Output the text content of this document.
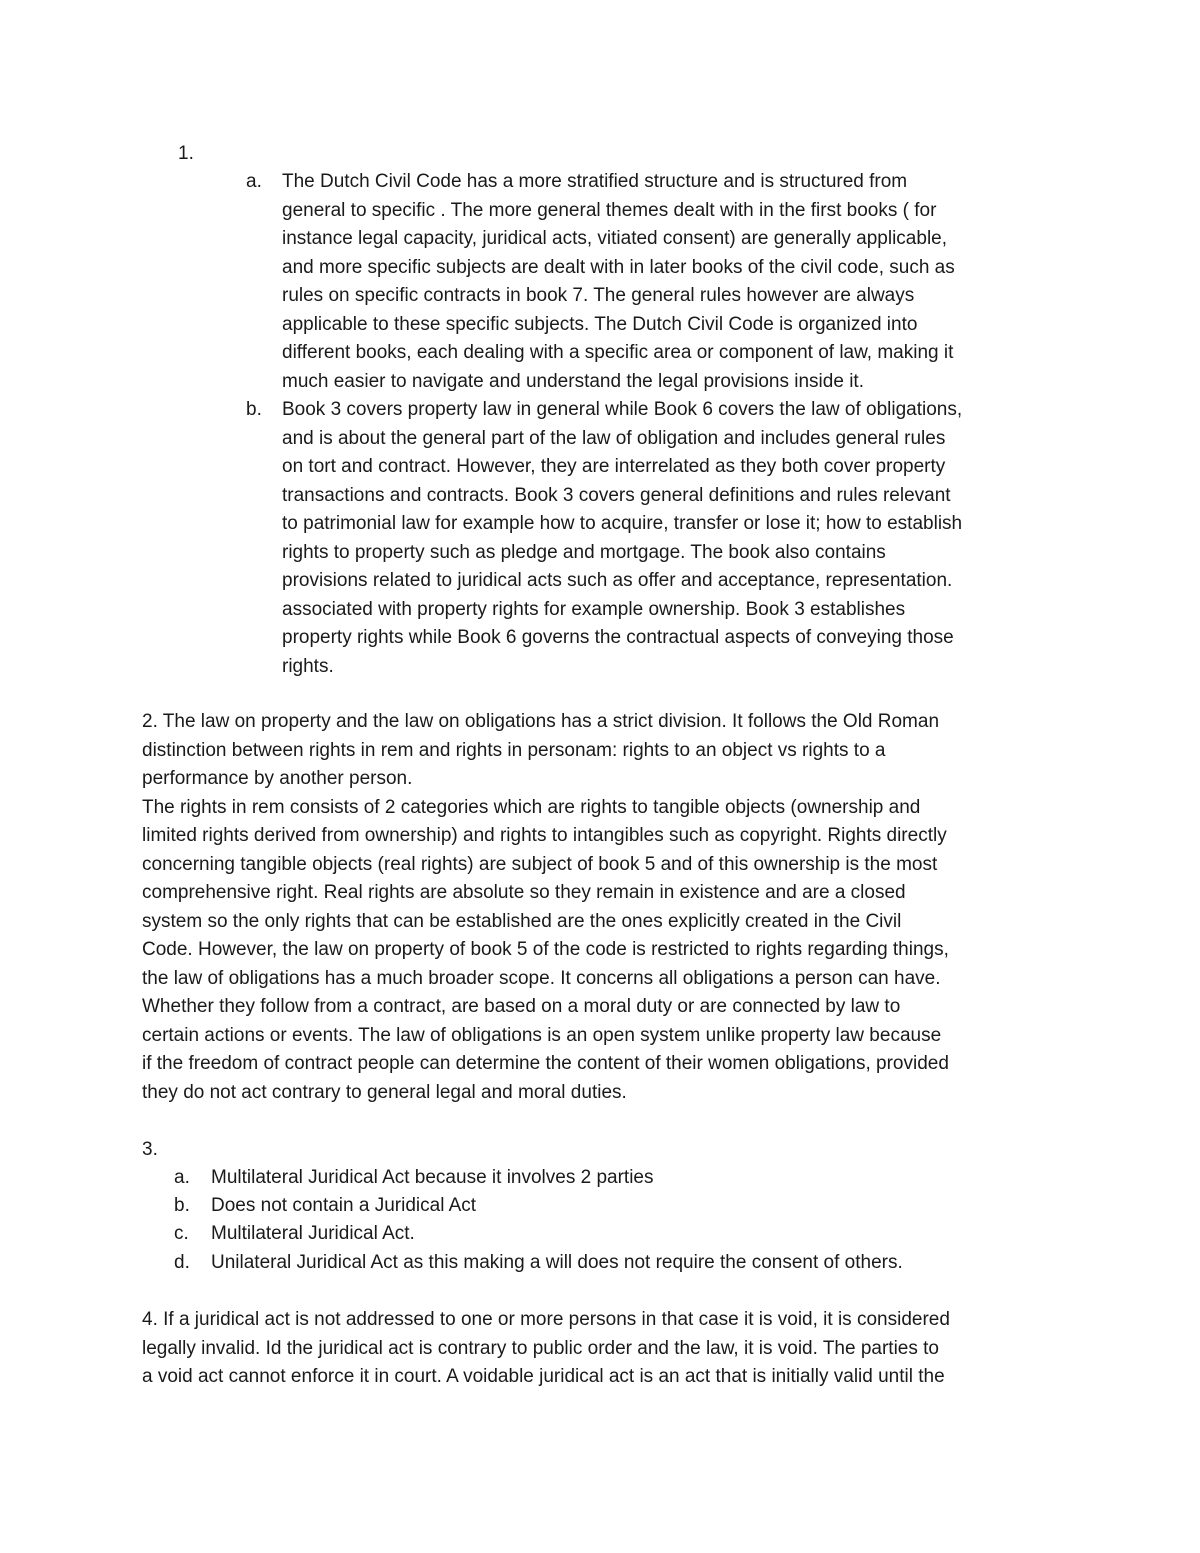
1.
a. The Dutch Civil Code has a more stratified structure and is structured from
general to specific . The more general themes dealt with in the first books ( for
instance legal capacity, juridical acts, vitiated consent) are generally applicable,
and more specific subjects are dealt with in later books of the civil code, such as
rules on specific contracts in book 7. The general rules however are always
applicable to these specific subjects. The Dutch Civil Code is organized into
different books, each dealing with a specific area or component of law, making it
much easier to navigate and understand the legal provisions inside it.
b. Book 3 covers property law in general while Book 6 covers the law of obligations,
and is about the general part of the law of obligation and includes general rules
on tort and contract. However, they are interrelated as they both cover property
transactions and contracts. Book 3 covers general definitions and rules relevant
to patrimonial law for example how to acquire, transfer or lose it; how to establish
rights to property such as pledge and mortgage. The book also contains
provisions related to juridical acts such as offer and acceptance, representation.
associated with property rights for example ownership. Book 3 establishes
property rights while Book 6 governs the contractual aspects of conveying those
rights.
2. The law on property and the law on obligations has a strict division. It follows the Old Roman
distinction between rights in rem and rights in personam: rights to an object vs rights to a
performance by another person.
The rights in rem consists of 2 categories which are rights to tangible objects (ownership and
limited rights derived from ownership) and rights to intangibles such as copyright. Rights directly
concerning tangible objects (real rights) are subject of book 5 and of this ownership is the most
comprehensive right. Real rights are absolute so they remain in existence and are a closed
system so the only rights that can be established are the ones explicitly created in the Civil
Code. However, the law on property of book 5 of the code is restricted to rights regarding things,
the law of obligations has a much broader scope. It concerns all obligations a person can have.
Whether they follow from a contract, are based on a moral duty or are connected by law to
certain actions or events. The law of obligations is an open system unlike property law because
if the freedom of contract people can determine the content of their women obligations, provided
they do not act contrary to general legal and moral duties.
3.
a. Multilateral Juridical Act because it involves 2 parties
b. Does not contain a Juridical Act
c. Multilateral Juridical Act.
d. Unilateral Juridical Act as this making a will does not require the consent of others.
4. If a juridical act is not addressed to one or more persons in that case it is void, it is considered
legally invalid. Id the juridical act is contrary to public order and the law, it is void. The parties to
a void act cannot enforce it in court. A voidable juridical act is an act that is initially valid until the
